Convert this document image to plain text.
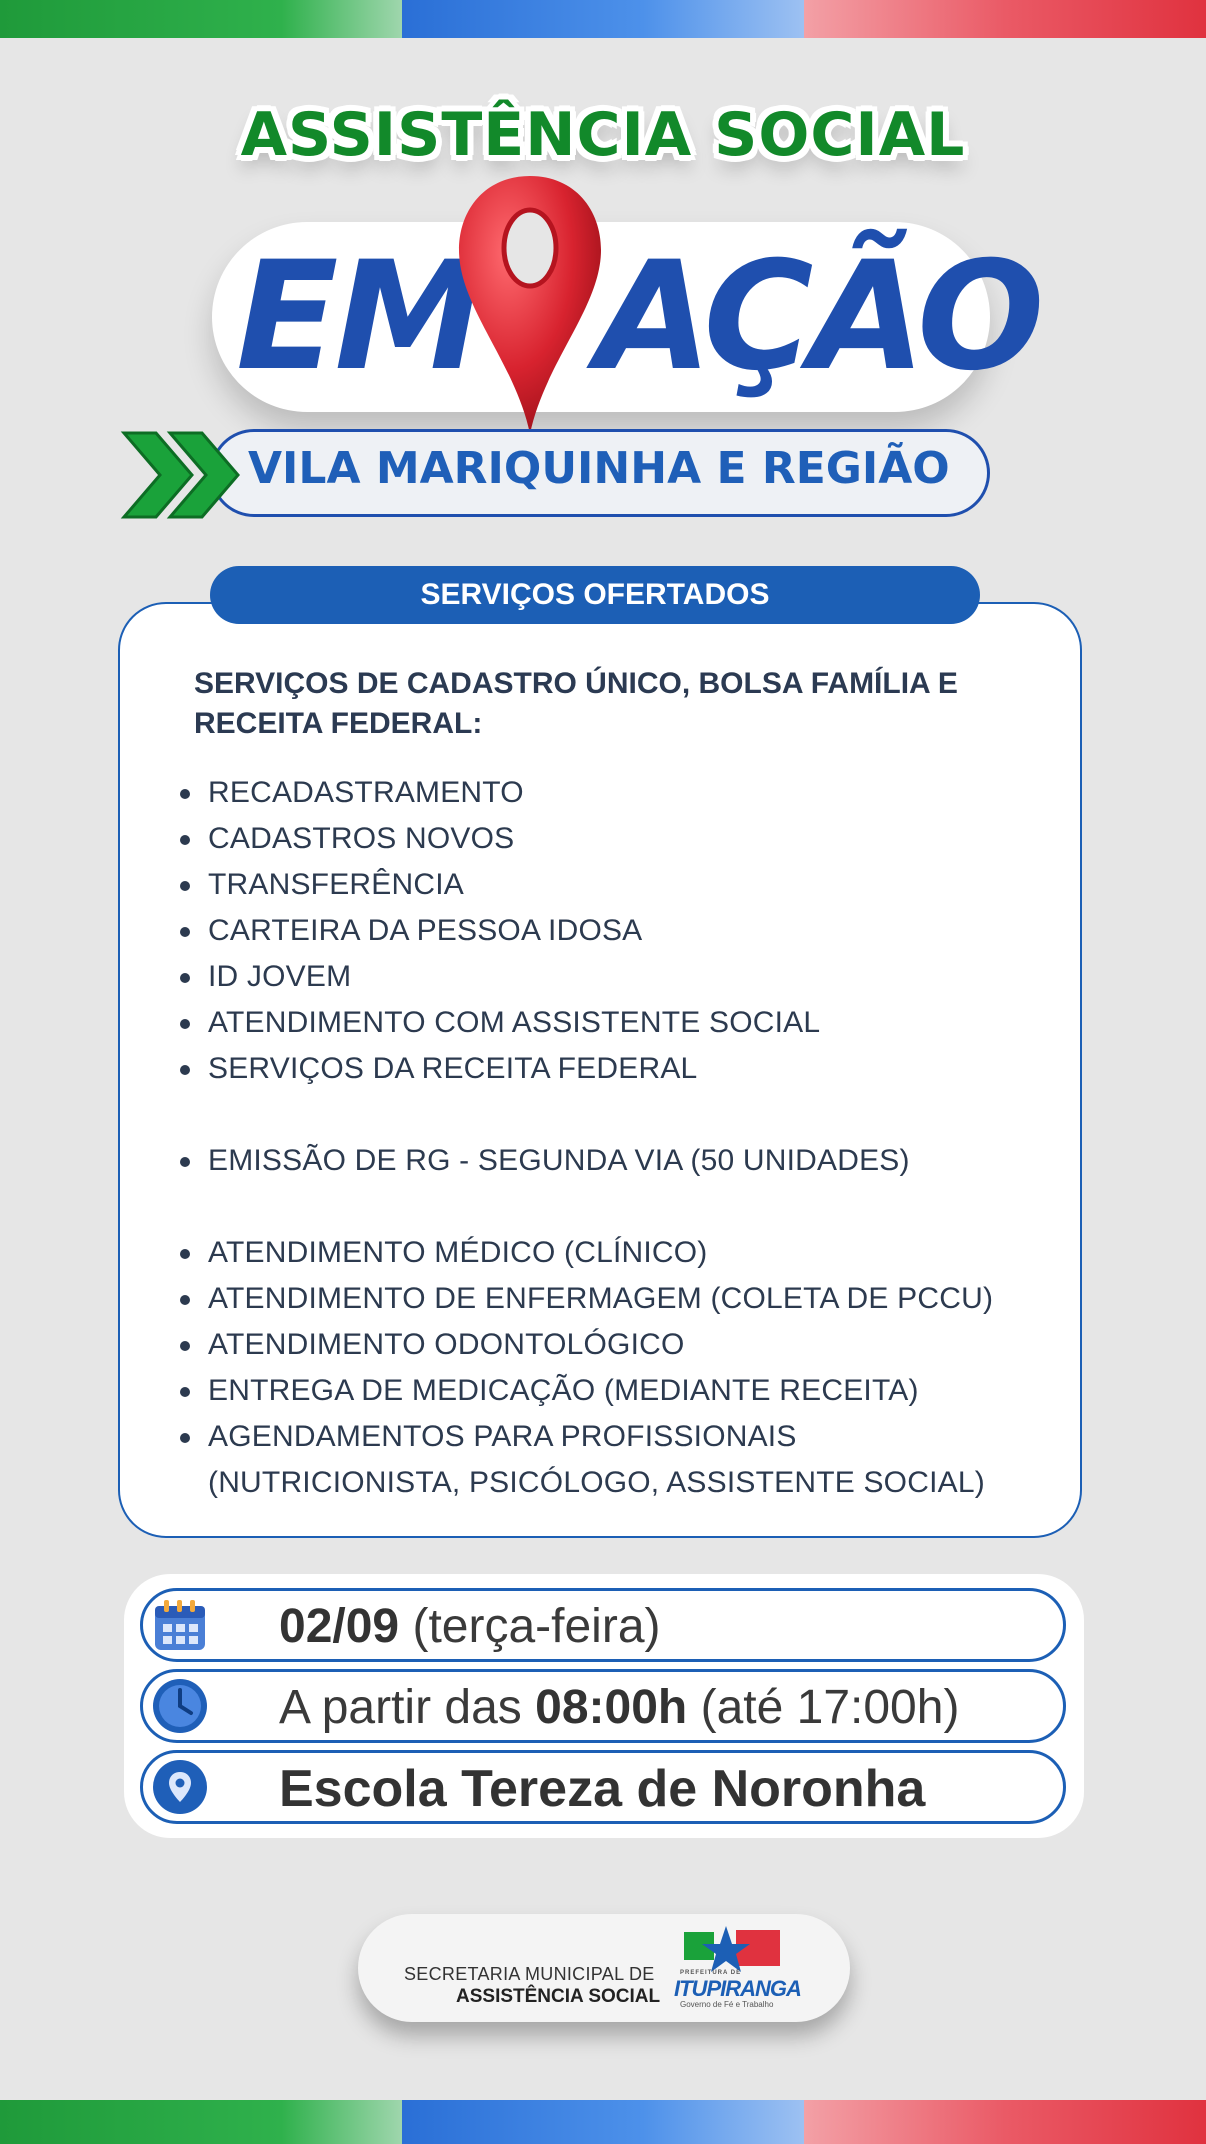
ASSISTÊNCIA SOCIAL
EM AÇÃO
VILA MARIQUINHA E REGIÃO
SERVIÇOS OFERTADOS
SERVIÇOS DE CADASTRO ÚNICO, BOLSA FAMÍLIA E RECEITA FEDERAL:
RECADASTRAMENTO
CADASTROS NOVOS
TRANSFERÊNCIA
CARTEIRA DA PESSOA IDOSA
ID JOVEM
ATENDIMENTO COM ASSISTENTE SOCIAL
SERVIÇOS DA RECEITA FEDERAL
EMISSÃO DE RG - SEGUNDA VIA (50 UNIDADES)
ATENDIMENTO MÉDICO (CLÍNICO)
ATENDIMENTO DE ENFERMAGEM (COLETA DE PCCU)
ATENDIMENTO ODONTOLÓGICO
ENTREGA DE MEDICAÇÃO (MEDIANTE RECEITA)
AGENDAMENTOS PARA PROFISSIONAIS (NUTRICIONISTA, PSICÓLOGO, ASSISTENTE SOCIAL)
02/09 (terça-feira)
A partir das 08:00h (até 17:00h)
Escola Tereza de Noronha
SECRETARIA MUNICIPAL DE
ASSISTÊNCIA SOCIAL
PREFEITURA DE
ITUPIRANGA
Governo de Fé e Trabalho
